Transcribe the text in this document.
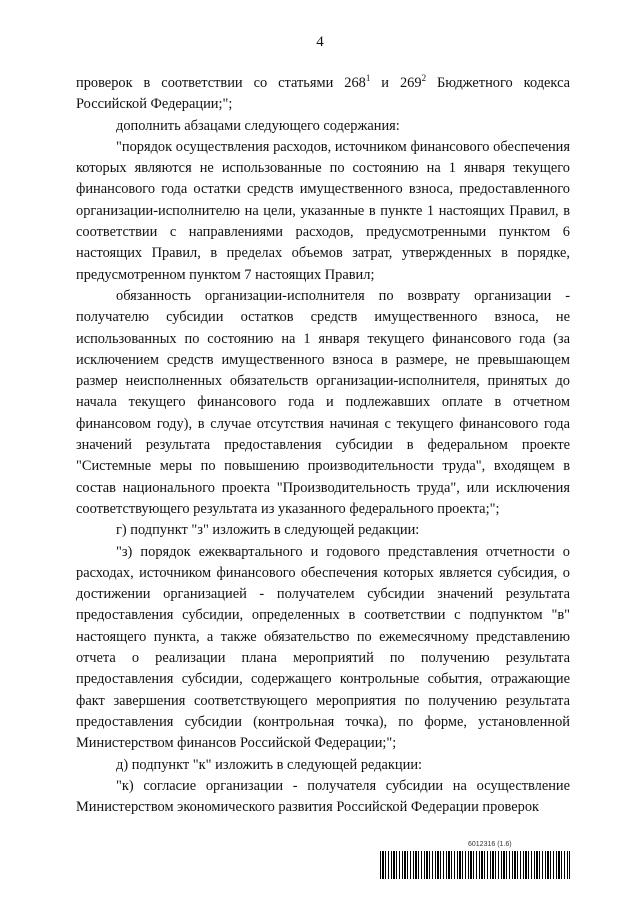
4

проверок в соответствии со статьями $268^1$ и $269^2$ Бюджетного кодекса Российской Федерации;";

дополнить абзацами следующего содержания:

"порядок осуществления расходов, источником финансового обеспечения которых являются не использованные по состоянию на 1 января текущего финансового года остатки средств имущественного взноса, предоставленного организации-исполнителю на цели, указанные в пункте 1 настоящих Правил, в соответствии с направлениями расходов, предусмотренными пунктом 6 настоящих Правил, в пределах объемов затрат, утвержденных в порядке, предусмотренном пунктом 7 настоящих Правил;

обязанность организации-исполнителя по возврату организации - получателю субсидии остатков средств имущественного взноса, не использованных по состоянию на 1 января текущего финансового года (за исключением средств имущественного взноса в размере, не превышающем размер неисполненных обязательств организации-исполнителя, принятых до начала текущего финансового года и подлежавших оплате в отчетном финансовом году), в случае отсутствия начиная с текущего финансового года значений результата предоставления субсидии в федеральном проекте "Системные меры по повышению производительности труда", входящем в состав национального проекта "Производительность труда", или исключения соответствующего результата из указанного федерального проекта;";

г) подпункт "з" изложить в следующей редакции:

"з) порядок ежеквартального и годового представления отчетности о расходах, источником финансового обеспечения которых является субсидия, о достижении организацией - получателем субсидии значений результата предоставления субсидии, определенных в соответствии с подпунктом "в" настоящего пункта, а также обязательство по ежемесячному представлению отчета о реализации плана мероприятий по получению результата предоставления субсидии, содержащего контрольные события, отражающие факт завершения соответствующего мероприятия по получению результата предоставления субсидии (контрольная точка), по форме, установленной Министерством финансов Российской Федерации;";

д) подпункт "к" изложить в следующей редакции:

"к) согласие организации - получателя субсидии на осуществление Министерством экономического развития Российской Федерации проверок

6012316 (1.6)
